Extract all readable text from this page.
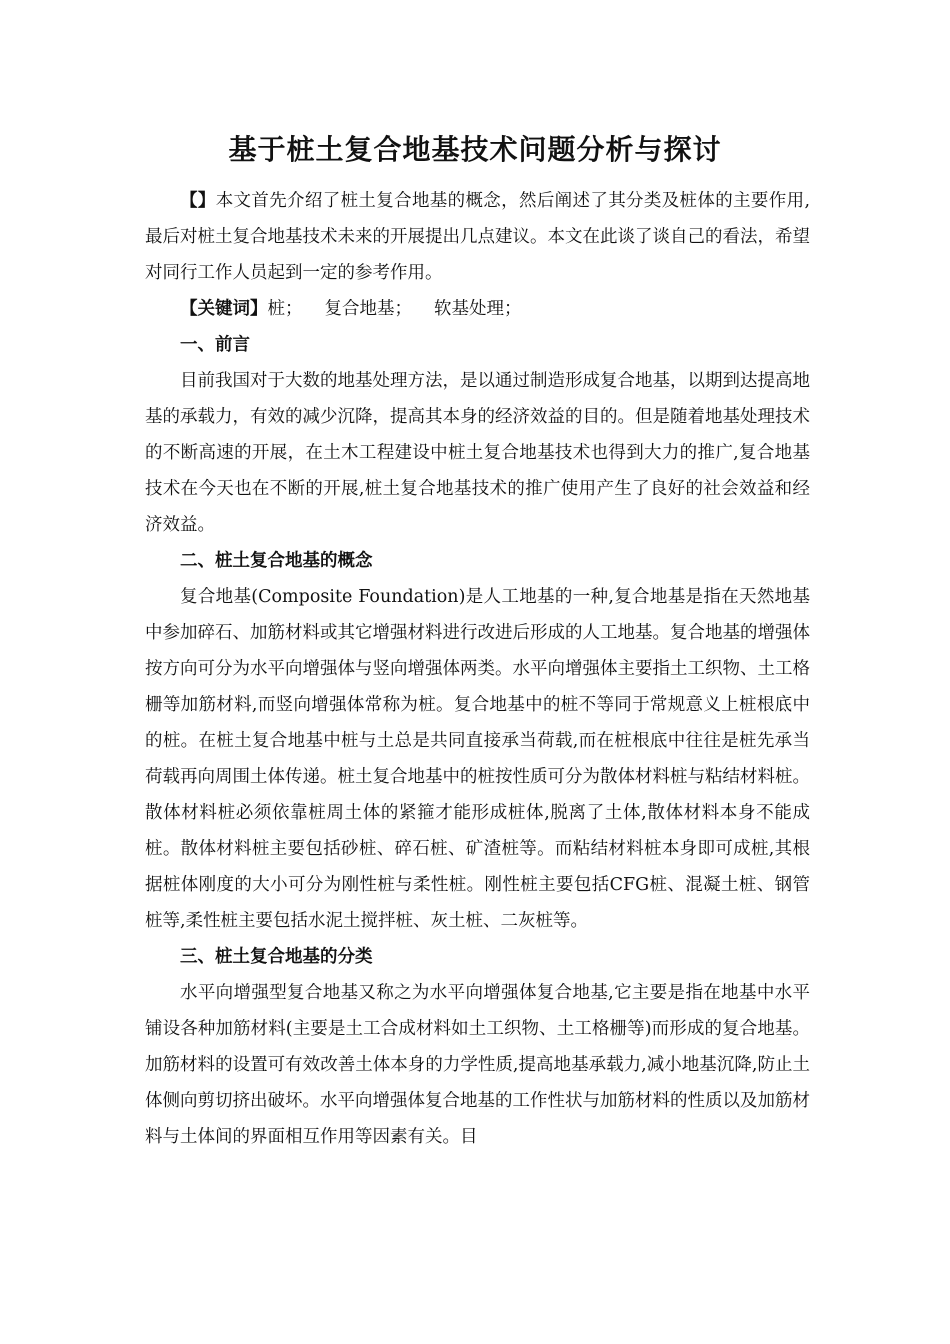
基于桩土复合地基技术问题分析与探讨

【】本文首先介绍了桩土复合地基的概念，然后阐述了其分类及桩体的主要作用,最后对桩土复合地基技术未来的开展提出几点建议。本文在此谈了谈自己的看法，希望对同行工作人员起到一定的参考作用。

【关键词】桩； 复合地基； 软基处理；

一、前言

目前我国对于大数的地基处理方法，是以通过制造形成复合地基，以期到达提高地基的承载力，有效的减少沉降，提高其本身的经济效益的目的。但是随着地基处理技术的不断高速的开展，在土木工程建设中桩土复合地基技术也得到大力的推广,复合地基技术在今天也在不断的开展,桩土复合地基技术的推广使用产生了良好的社会效益和经济效益。

二、桩土复合地基的概念

复合地基(Composite Foundation)是人工地基的一种,复合地基是指在天然地基中参加碎石、加筋材料或其它增强材料进行改进后形成的人工地基。复合地基的增强体按方向可分为水平向增强体与竖向增强体两类。水平向增强体主要指土工织物、土工格栅等加筋材料,而竖向增强体常称为桩。复合地基中的桩不等同于常规意义上桩根底中的桩。在桩土复合地基中桩与土总是共同直接承当荷载,而在桩根底中往往是桩先承当荷载再向周围土体传递。桩土复合地基中的桩按性质可分为散体材料桩与粘结材料桩。散体材料桩必须依靠桩周土体的紧箍才能形成桩体,脱离了土体,散体材料本身不能成桩。散体材料桩主要包括砂桩、碎石桩、矿渣桩等。而粘结材料桩本身即可成桩,其根据桩体刚度的大小可分为刚性桩与柔性桩。刚性桩主要包括CFG桩、混凝土桩、钢管桩等,柔性桩主要包括水泥土搅拌桩、灰土桩、二灰桩等。

三、桩土复合地基的分类

水平向增强型复合地基又称之为水平向增强体复合地基,它主要是指在地基中水平铺设各种加筋材料(主要是土工合成材料如土工织物、土工格栅等)而形成的复合地基。加筋材料的设置可有效改善土体本身的力学性质,提高地基承载力,减小地基沉降,防止土体侧向剪切挤出破坏。水平向增强体复合地基的工作性状与加筋材料的性质以及加筋材料与土体间的界面相互作用等因素有关。目
